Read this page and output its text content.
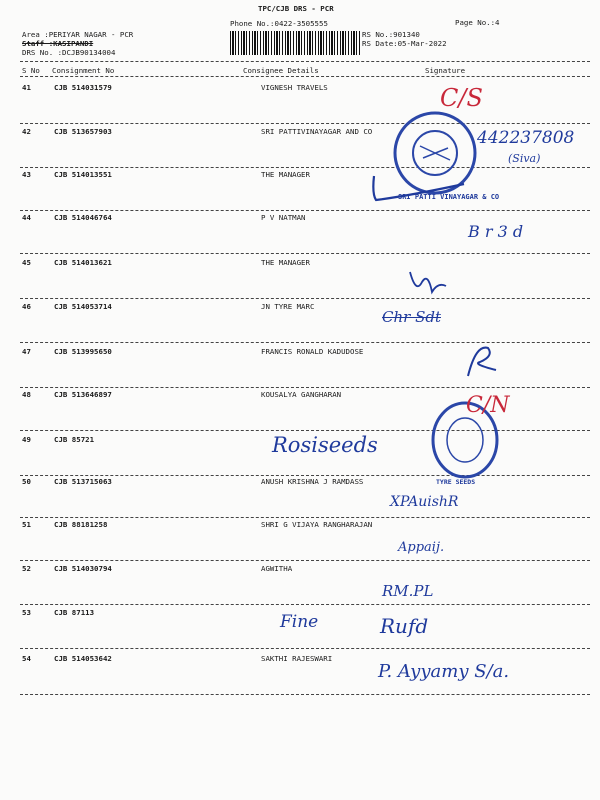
TPC/CJB DRS - PCR
Phone No.:0422-3505555	Page No.:4
Area :PERIYAR NAGAR - PCR
Staff :KASIPANDI
DRS No. :DCJB90134004
RS No.:901340
RS Date:05-Mar-2022
S No Consignment No	Consignee Details	Signature
41	CJB 514031579	VIGNESH TRAVELS
42	CJB 513657903	SRI PATTIVINAYAGAR AND CO
43	CJB 514013551	THE MANAGER
44	CJB 514046764	P V NATMAN
45	CJB 514013621	THE MANAGER
46	CJB 514053714	JN TYRE MARC
47	CJB 513995650	FRANCIS RONALD KADUDOSE
48	CJB 513646897	KOUSALYA GANGHARAN
49	CJB 85721
50	CJB 513715063	ANUSH KRISHNA J RAMDASS
51	CJB 88181258	SHRI G VIJAYA RANGHARAJAN
52	CJB 514030794	AGWITHA
53	CJB 87113
54	CJB 514053642	SAKTHI RAJESWARI
SRI PATTI VINAYAGAR & CO
TYRE SEEDS
C/S
442237808
(Siva)
B r 3 d
Chr Sdt
C/N
Rosiseeds
XPAuishR
Appaij.
RM.PL
Fine	Rufd
P. Ayyamy S/a.
